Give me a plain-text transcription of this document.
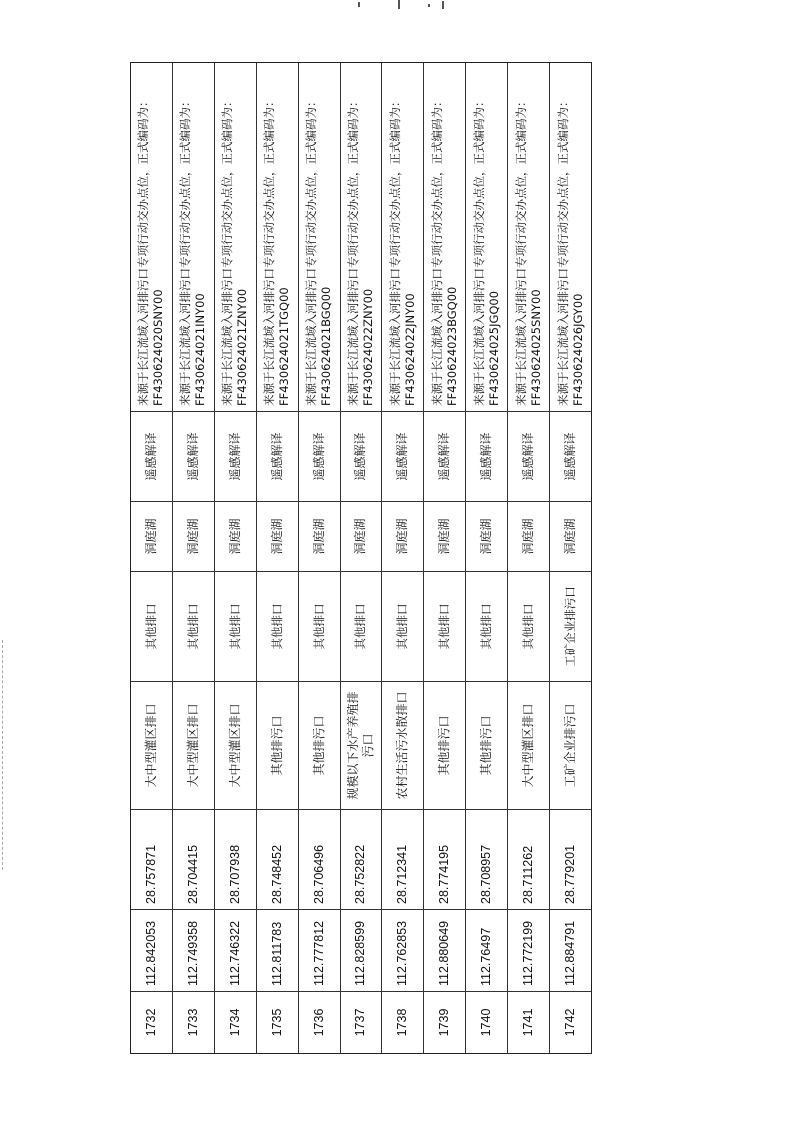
1732
112.842053
28.757871
大中型灌区排口
其他排口
洞庭湖
遥感解译
来源于长江流域入河排污口专项行动交办点位，正式编码为：FF430624020SNY00
1733
112.749358
28.704415
大中型灌区排口
其他排口
洞庭湖
遥感解译
来源于长江流域入河排污口专项行动交办点位，正式编码为：FF430624021INY00
1734
112.746322
28.707938
大中型灌区排口
其他排口
洞庭湖
遥感解译
来源于长江流域入河排污口专项行动交办点位，正式编码为：FF430624021ZNY00
1735
112.811783
28.748452
其他排污口
其他排口
洞庭湖
遥感解译
来源于长江流域入河排污口专项行动交办点位，正式编码为：FF430624021TGQ00
1736
112.777812
28.706496
其他排污口
其他排口
洞庭湖
遥感解译
来源于长江流域入河排污口专项行动交办点位，正式编码为：FF430624021BGQ00
1737
112.828599
28.752822
规模以下水产养殖排污口
其他排口
洞庭湖
遥感解译
来源于长江流域入河排污口专项行动交办点位，正式编码为：FF430624022ZNY00
1738
112.762853
28.712341
农村生活污水散排口
其他排口
洞庭湖
遥感解译
来源于长江流域入河排污口专项行动交办点位，正式编码为：FF430624022JNY00
1739
112.880649
28.774195
其他排污口
其他排口
洞庭湖
遥感解译
来源于长江流域入河排污口专项行动交办点位，正式编码为：FF430624023BGQ00
1740
112.76497
28.708957
其他排污口
其他排口
洞庭湖
遥感解译
来源于长江流域入河排污口专项行动交办点位，正式编码为：FF430624025JGQ00
1741
112.772199
28.711262
大中型灌区排口
其他排口
洞庭湖
遥感解译
来源于长江流域入河排污口专项行动交办点位，正式编码为：FF430624025SNY00
1742
112.884791
28.779201
工矿企业排污口
工矿企业排污口
洞庭湖
遥感解译
来源于长江流域入河排污口专项行动交办点位，正式编码为：FF430624026JGY00
